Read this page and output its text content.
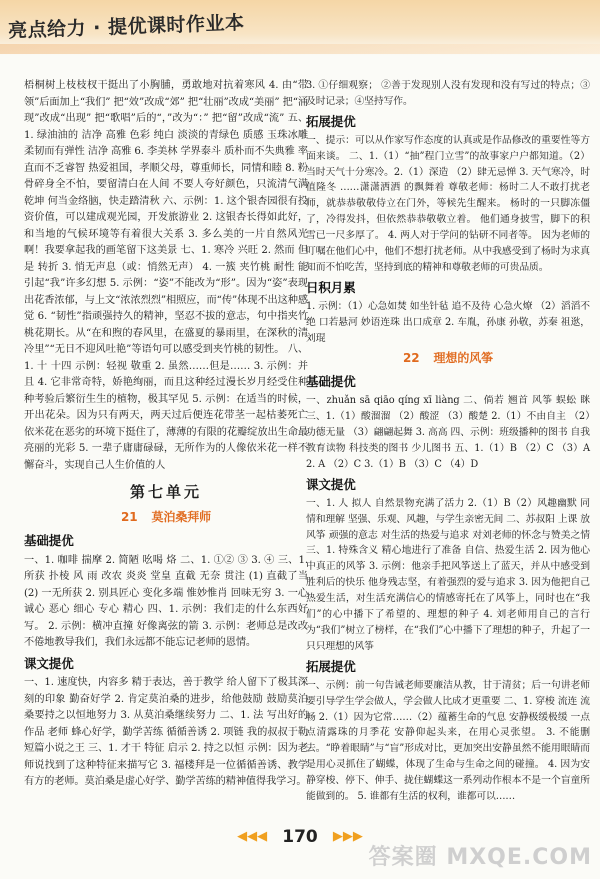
亮点给力 · 提优课时作业本

梧桐树上枝枝杈干挺出了小胸脯，勇敢地对抗着寒风 4. 由“带领”后面加上“我们” 把“效”改成“郊” 把“壮丽”改成“美丽” 把“涌现”改成“出现” 把“歌唱”后的“，”改为“：” 把“留”改成“流” 五、1. 绿油油的 洁净 高雅 色彩 纯白 淡淡的青绿色 质感 玉珠冰雕 柔韧而有弹性 洁净 高雅 6. 李美林 学界泰斗 质朴而不失典雅 率直而不乏睿智 热爱祖国，孝顺父母，尊重师长，同情和睦 8. 粉骨碎身全不怕，要留清白在人间 不要人夸好颜色，只流清气满乾坤 何当金络脑，快走踏清秋 六、示例：1. 这个银杏园很有投资价值，可以建成观光园，开发旅游业 2. 这银杏长得如此好，和当地的气候环境等有着很大关系 3. 多么美的一片自然风光啊！我要拿起我的画笔留下这美景 七、1. 寒冷 兴旺 2. 然而 但是 转折 3. 悄无声息（或：悄然无声） 4. 一簇 夹竹桃 耐性 能引起“我”许多幻想 5. 示例：“姿”不能改为“形”。因为“姿”表现出花香浓郁，与上文“浓浓烈烈”相照应，而“传”体现不出这种感觉 6. “韧性”指顽强持久的精神，坚忍不拔的意志，句中指夹竹桃花期长。从“在和煦的春风里，在盛夏的暴雨里，在深秋的清冷里”“无日不迎风吐艳”等语句可以感受到夹竹桃的韧性。 八、1. 十 十四 示例：轻视 敬重 2. 虽然……但是…… 3. 示例：并且 4. 它非常奇特，娇艳绚丽，而且这种经过漫长岁月经受住种种考验后繁衍生生的植物，极其罕见 5. 示例：在适当的时候，开出花朵。因为只有两天，两天过后便连花带茎一起枯萎死亡 依米花在恶劣的环境下挺住了，薄薄的有限的花瓣绽放出生命最亮丽的光彩 5. 一辈子庸庸碌碌，无所作为的人像依米花一样不懈奋斗，实现自己人生价值的人

第七单元
21 莫泊桑拜师
基础提优

一、1. 咖啡 揣摩 2. 简陋 吆喝 烙 二、1. ①② ③ 3. ④ 三、1. 所获 扑棱 风 雨 改农 炎炎 堂皇 直截 无奈 贯注 (1) 直截了当 (2) 一无所获 2. 别具匠心 变化多端 惟妙惟肖 回味无穷 3. 一心 诚心 恶心 细心 专心 精心 四、1. 示例：我们走的什么东西好写。 2. 示例：横冲直撞 好像离弦的箭 3. 示例：老师总是改改不倦地教导我们，我们永远都不能忘记老师的恩情。

课文提优

一、1. 速度快，内容多 精于表达，善于教学 给人留下了极其深刻的印象 勤奋好学 2. 肯定莫泊桑的进步，给他鼓励 鼓励莫泊桑要持之以恒地努力 3. 从莫泊桑继续努力 二、1. 法 写出好的作品 老师 蜂心好学，勤学苦练 循循善诱 2. 项链 我的叔叔于勒 短篇小说之王 三、1. 才干 特征 启示 2. 持之以恒 示例：因为老师说找到了这种特征来描写它 3. 福楼拜是一位循循善诱、教学有方的老师。莫泊桑是虚心好学、勤学苦练的精神值得我学习。

3. ①仔细观察； ②善于发现别人没有发现和没有写过的特点；③及时记录；④坚持写作。

拓展提优

一、提示：可以从作家写作态度的认真或是作品修改的重要性等方面来谈。 二、1.（1）“抽”程门立雪”的故事家户户都知道。（2）当时天气十分寒冷。2.（1）深造 （2）肆无忌惮 3. 天气寒冷，时值隆冬 ……潇潇洒洒 的飘舞着 尊敬老师：杨时二人不敢打扰老师，就恭恭敬敬侍立在门外，等候先生醒来。 杨时的一只脚冻僵了，冷得发抖，但依然恭恭敬敬立着。 他们通身披雪，脚下的积雪已一尺多厚了。 4. 两人对于学问的钻研不同者等。 因为老师的叮嘱在他们心中，他们不想打扰老师。从中我感受到了杨时为求真知而不怕吃苦，坚持到底的精神和尊敬老师的可贵品质。

日积月累

1. 示例：（1）心急如焚 如坐针毡 追不及待 心急火燎 （2）滔滔不绝 口若悬河 妙语连珠 出口成章 2. 车胤，孙康 孙敬，苏秦 祖逖，刘琨

22 理想的风筝
基础提优

一、zhuǎn sā qiāo qíng xī liàng 二、倘若 翘首 风筝 蜈蚣 眯 三、1.（1）酸溜溜 （2）酸涩 （3）酸楚 2.（1）不由自主 （2）功德无量 （3）翩翩起舞 3. 高高 四、示例：班级播种的图书 自我教育读物 科技类的图书 少儿图书 五、1.（1）B （2）C （3）A 2. A （2）C 3.（1）B （3）C （4）D

课文提优

一、1. 人 拟人 自然景物充满了活力 2.（1）B（2）风趣幽默 同情和理解 坚强、乐观、风趣，与学生亲密无间 二、苏叔阳 上课 放风筝 顽强的意志 对生活的热爱与追求 对刘老师的怀念与赞美之情 三、1. 特殊含义 精心地进行了准备 自信、热爱生活 2. 因为他心中真正的风筝 3. 示例：他亲手把风筝送上了蓝天，并从中感受到胜利后的快乐 他身残志坚，有着强烈的爱与追求 3. 因为他把自己热爱生活，对生活充满信心的情感寄托在了风筝上，同时也在“我们”的心中播下了希望的、理想的种子 4. 刘老师用自己的言行为“我们”树立了榜样，在“我们”心中播下了理想的种子，升起了一只只理想的风筝

拓展提优

一、示例：前一句告诫老师要廉洁从教，甘于清贫；后一句讲老师要引导学生学会做人，学会做人比成才更重要 二、1. 穿梭 流连 流畅 2.（1）因为它常……（2）蕴蓄生命的气息 安静极缓极缓 一点点清露珠的月季花 安静仰起头来，在用心灵张望。 3. 不能删去。“睁着眼睛”与“盲”形成对比，更加突出安静虽然不能用眼睛而是用心灵抓住了蝴蝶，体现了生命与生命之间的碰撞。 4. 因为安静穿梭、停下、伸手、拢住蝴蝶这一系列动作根本不是一个盲童所能做到的。 5. 谁都有生活的权利，谁都可以……

◀◀◀ 170 ▶▶▶
答案圈 MXQE.COM
